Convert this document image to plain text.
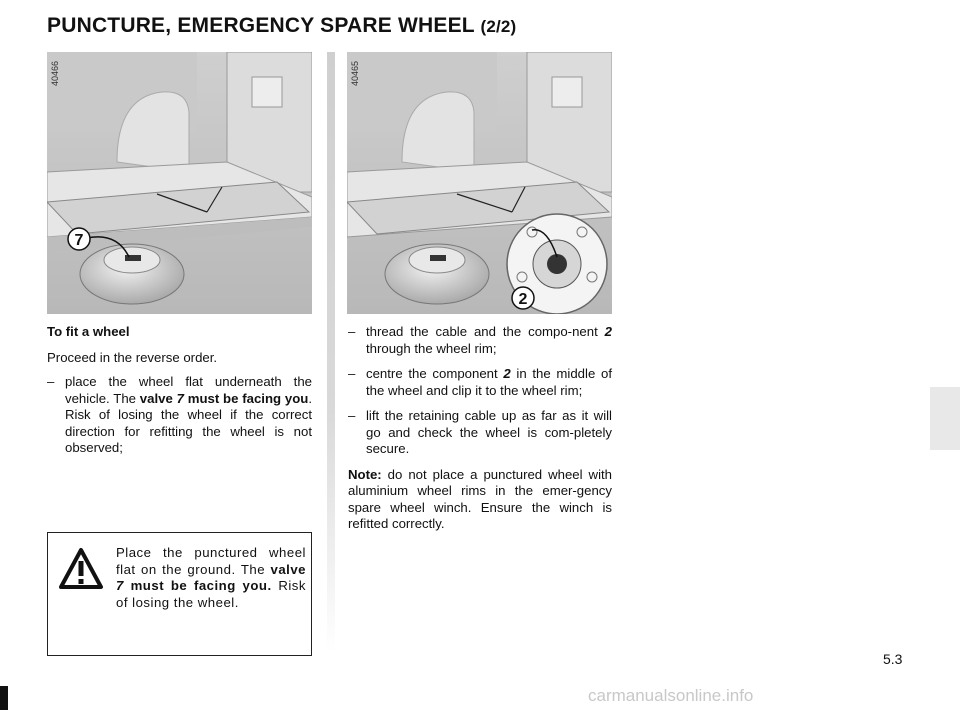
PUNCTURE, EMERGENCY SPARE WHEEL (2/2)
7
40466
2
40465

To fit a wheel

Proceed in the reverse order.

– place the wheel flat underneath the vehicle. The valve 7 must be facing you. Risk of losing the wheel if the correct direction for refitting the wheel is not observed;
Place the punctured wheel flat on the ground. The valve 7 must be facing you. Risk of losing the wheel.
– thread the cable and the compo-nent 2 through the wheel rim;
– centre the component 2 in the middle of the wheel and clip it to the wheel rim;
– lift the retaining cable up as far as it will go and check the wheel is com-pletely secure.

Note: do not place a punctured wheel with aluminium wheel rims in the emer-gency spare wheel winch. Ensure the winch is refitted correctly.

5.3
carmanualsonline.info
